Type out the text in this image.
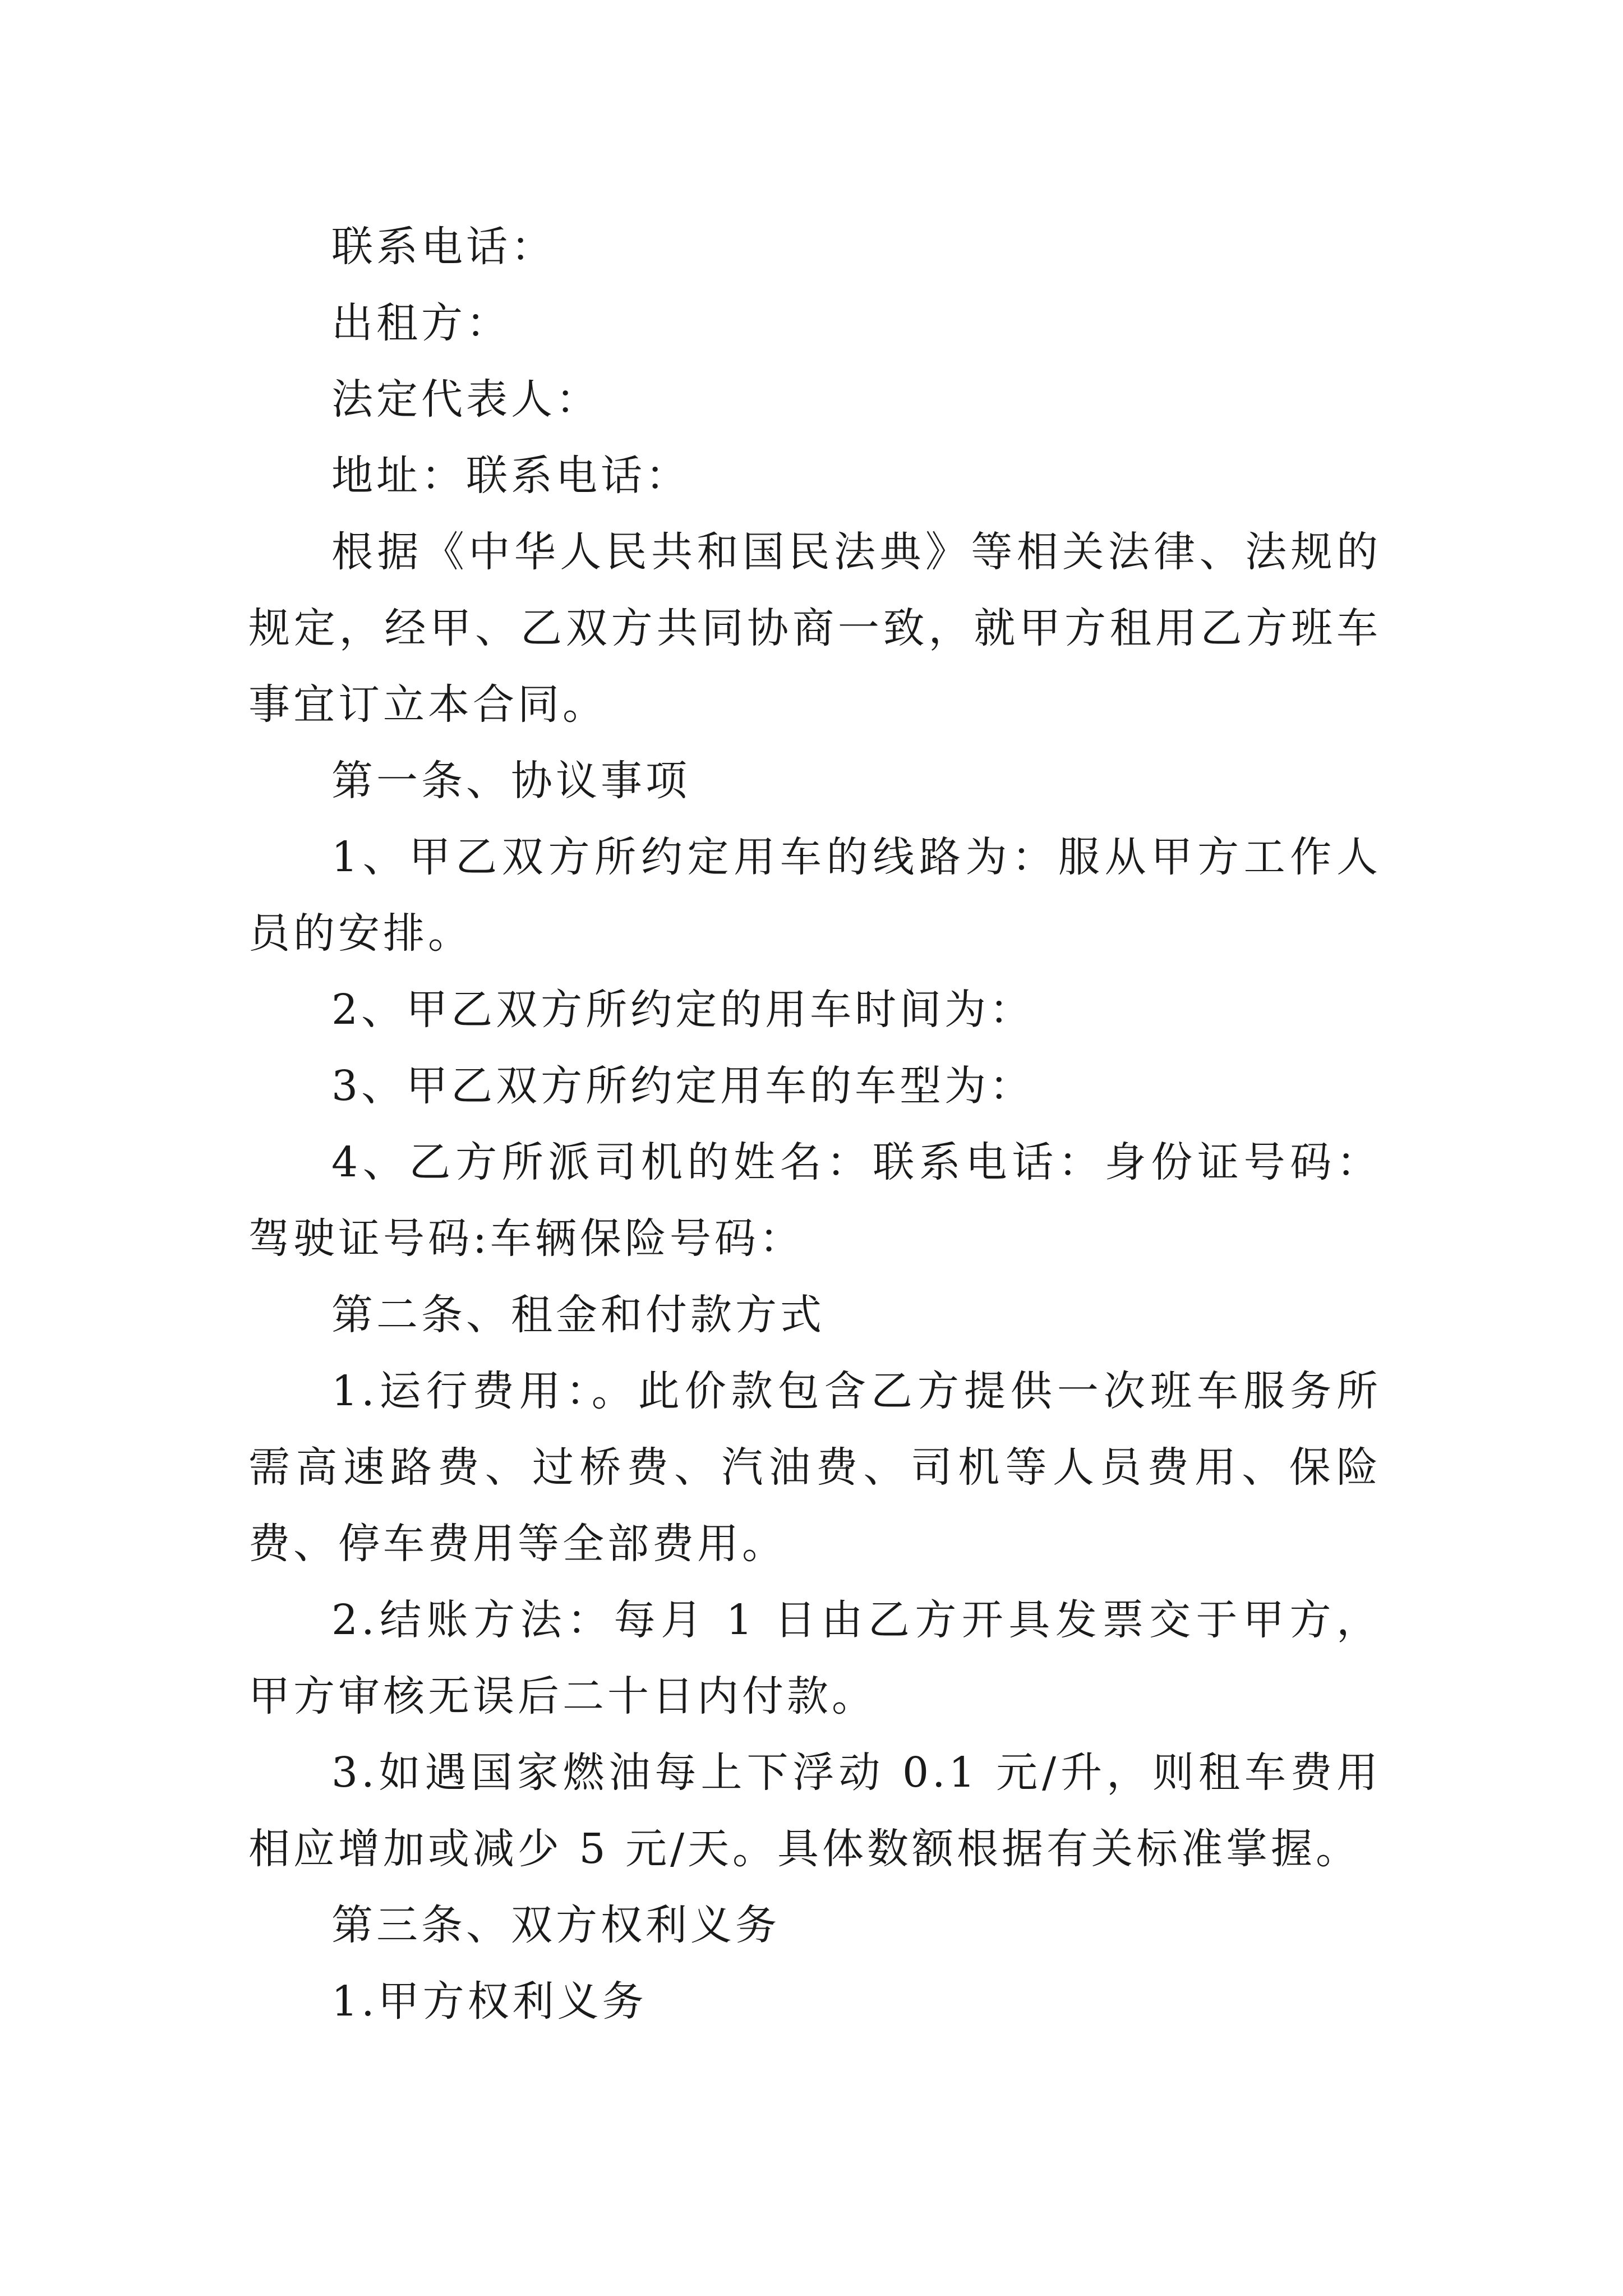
联系电话：

出租方：

法定代表人：

地址：联系电话：

根据《中华人民共和国民法典》等相关法律、法规的规定，经甲、乙双方共同协商一致，就甲方租用乙方班车事宜订立本合同。

第一条、协议事项

1、甲乙双方所约定用车的线路为：服从甲方工作人员的安排。

2、甲乙双方所约定的用车时间为：

3、甲乙双方所约定用车的车型为：

4、乙方所派司机的姓名：联系电话：身份证号码：驾驶证号码:车辆保险号码：

第二条、租金和付款方式

1.运行费用：。此价款包含乙方提供一次班车服务所需高速路费、过桥费、汽油费、司机等人员费用、保险费、停车费用等全部费用。

2.结账方法：每月 1 日由乙方开具发票交于甲方，甲方审核无误后二十日内付款。

3.如遇国家燃油每上下浮动 0.1 元/升，则租车费用相应增加或减少 5 元/天。具体数额根据有关标准掌握。

第三条、双方权利义务

1.甲方权利义务
